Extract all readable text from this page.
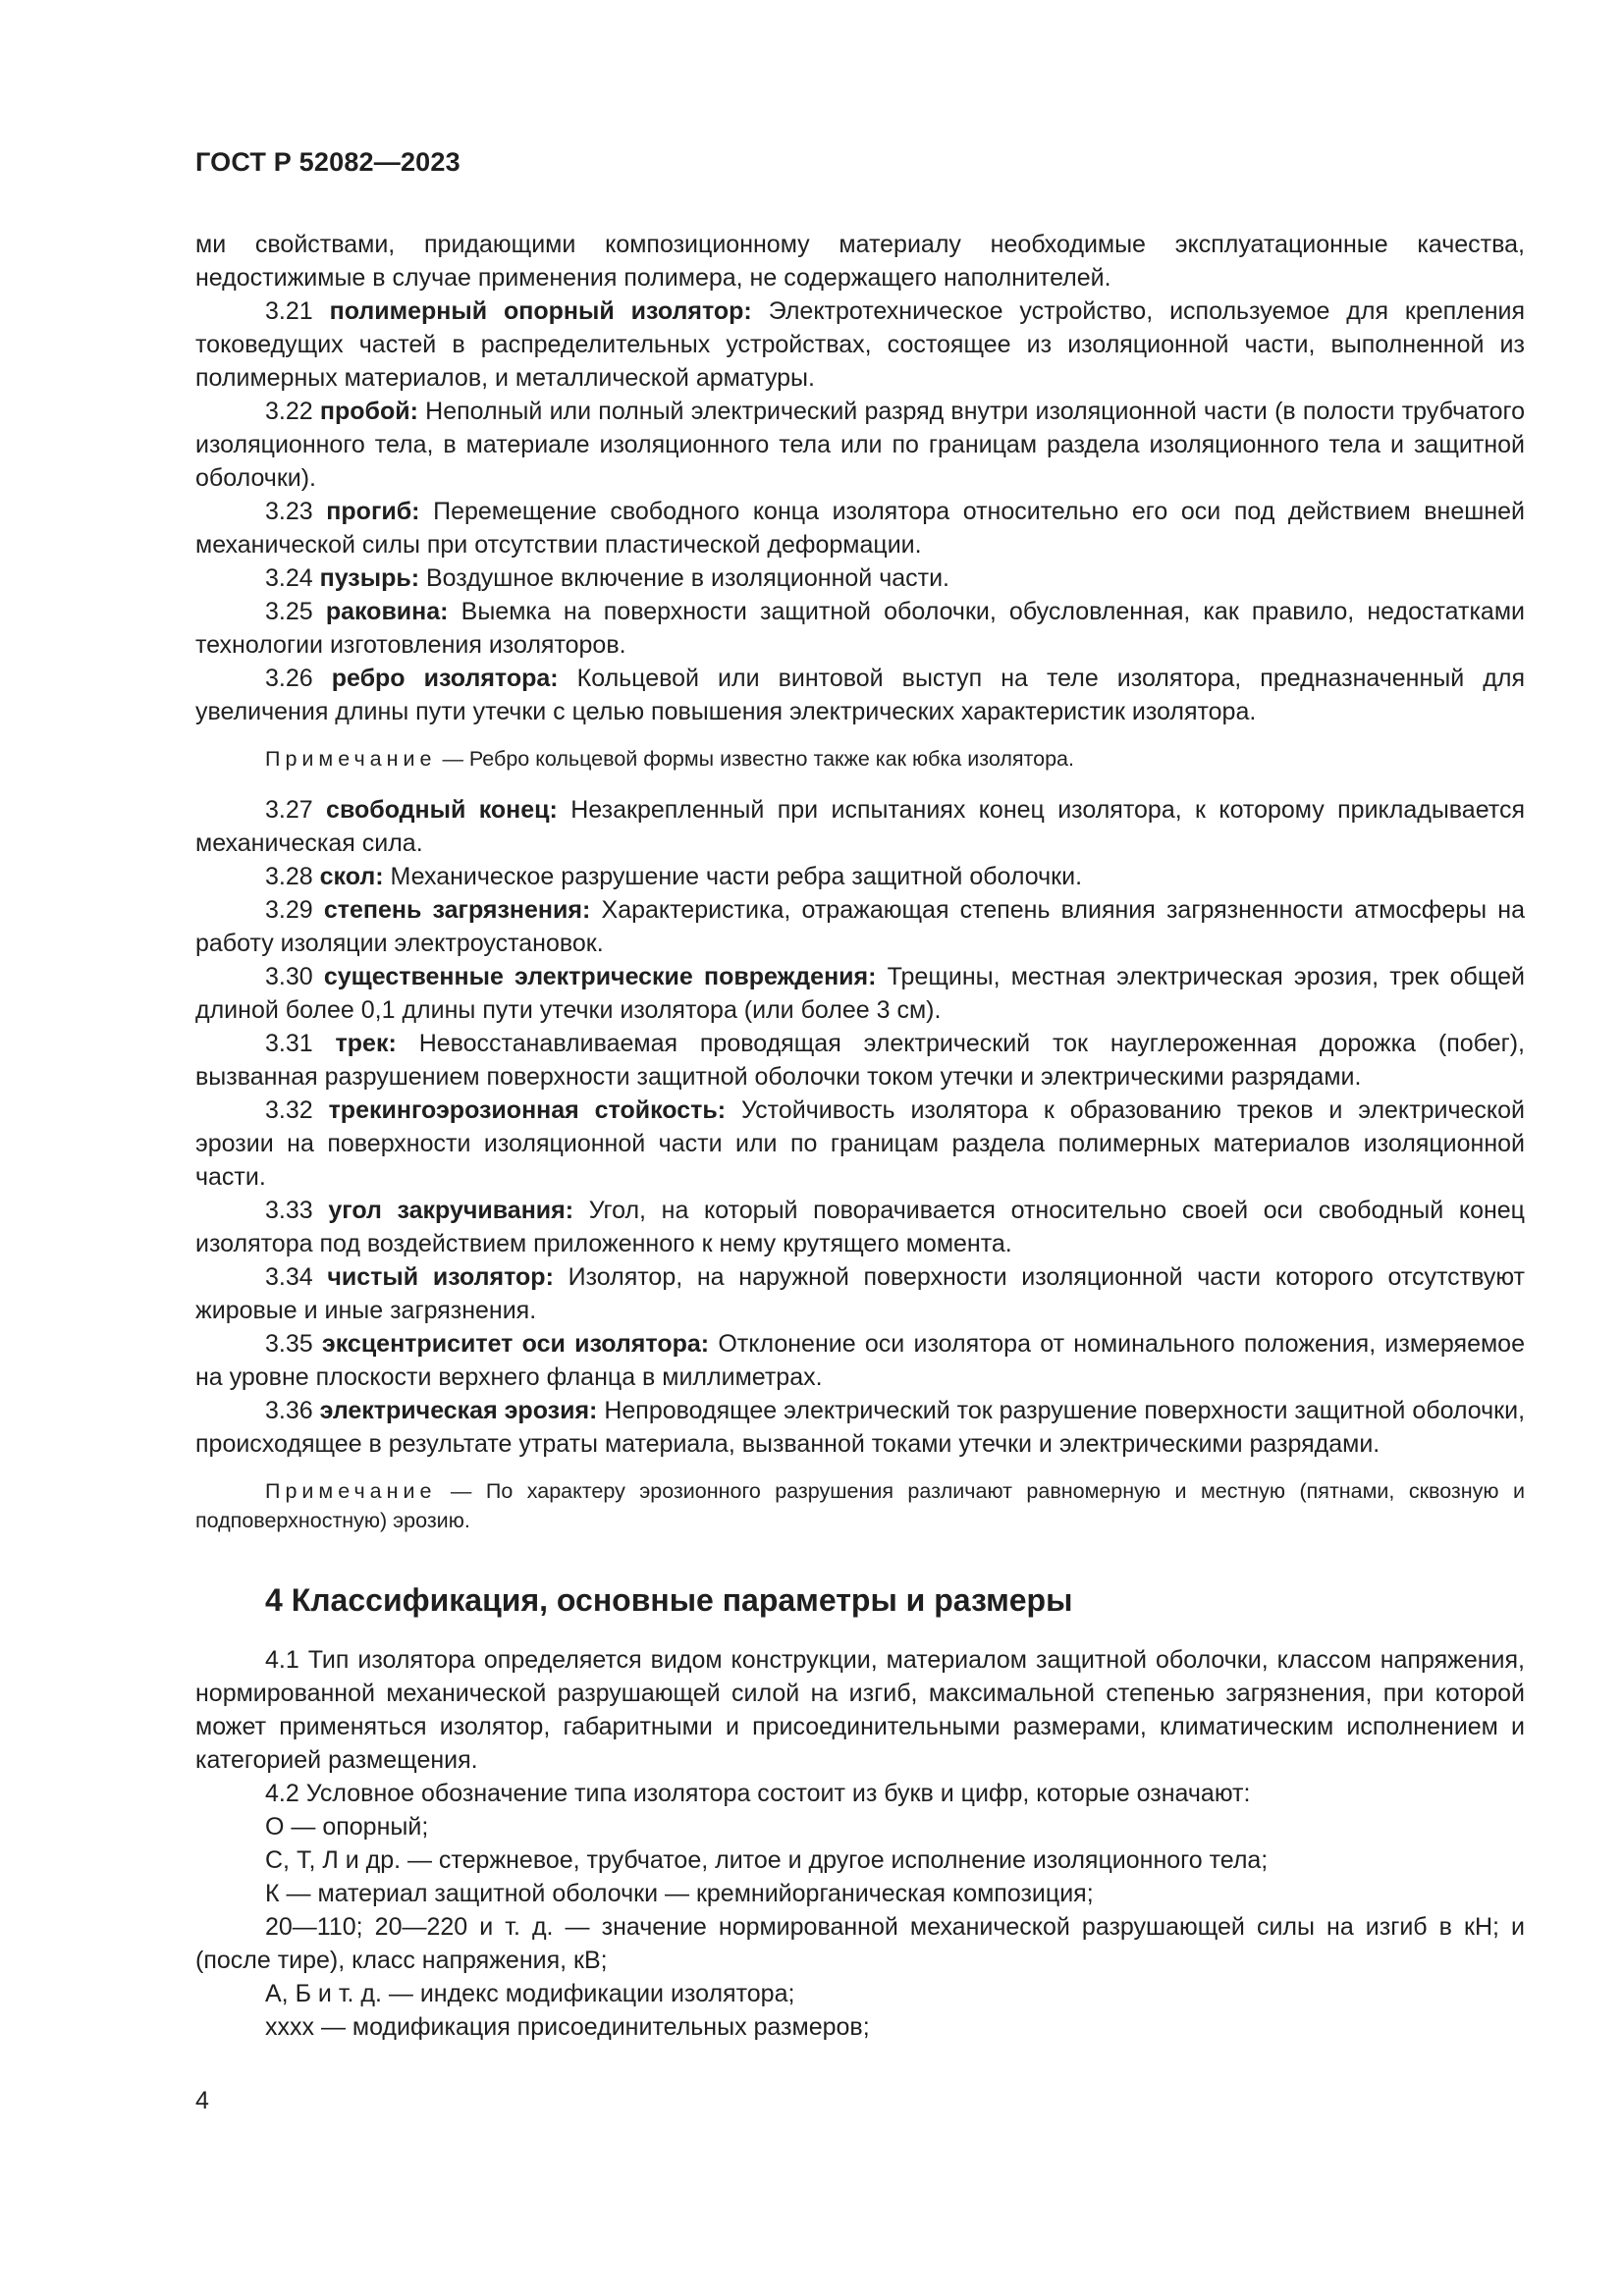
ГОСТ Р 52082—2023

ми свойствами, придающими композиционному материалу необходимые эксплуатационные качества, недостижимые в случае применения полимера, не содержащего наполнителей.

3.21 полимерный опорный изолятор: Электротехническое устройство, используемое для крепления токоведущих частей в распределительных устройствах, состоящее из изоляционной части, выполненной из полимерных материалов, и металлической арматуры.

3.22 пробой: Неполный или полный электрический разряд внутри изоляционной части (в полости трубчатого изоляционного тела, в материале изоляционного тела или по границам раздела изоляционного тела и защитной оболочки).

3.23 прогиб: Перемещение свободного конца изолятора относительно его оси под действием внешней механической силы при отсутствии пластической деформации.

3.24 пузырь: Воздушное включение в изоляционной части.

3.25 раковина: Выемка на поверхности защитной оболочки, обусловленная, как правило, недостатками технологии изготовления изоляторов.

3.26 ребро изолятора: Кольцевой или винтовой выступ на теле изолятора, предназначенный для увеличения длины пути утечки с целью повышения электрических характеристик изолятора.

Примечание — Ребро кольцевой формы известно также как юбка изолятора.

3.27 свободный конец: Незакрепленный при испытаниях конец изолятора, к которому прикладывается механическая сила.

3.28 скол: Механическое разрушение части ребра защитной оболочки.

3.29 степень загрязнения: Характеристика, отражающая степень влияния загрязненности атмосферы на работу изоляции электроустановок.

3.30 существенные электрические повреждения: Трещины, местная электрическая эрозия, трек общей длиной более 0,1 длины пути утечки изолятора (или более 3 см).

3.31 трек: Невосстанавливаемая проводящая электрический ток науглероженная дорожка (побег), вызванная разрушением поверхности защитной оболочки током утечки и электрическими разрядами.

3.32 трекингоэрозионная стойкость: Устойчивость изолятора к образованию треков и электрической эрозии на поверхности изоляционной части или по границам раздела полимерных материалов изоляционной части.

3.33 угол закручивания: Угол, на который поворачивается относительно своей оси свободный конец изолятора под воздействием приложенного к нему крутящего момента.

3.34 чистый изолятор: Изолятор, на наружной поверхности изоляционной части которого отсутствуют жировые и иные загрязнения.

3.35 эксцентриситет оси изолятора: Отклонение оси изолятора от номинального положения, измеряемое на уровне плоскости верхнего фланца в миллиметрах.

3.36 электрическая эрозия: Непроводящее электрический ток разрушение поверхности защитной оболочки, происходящее в результате утраты материала, вызванной токами утечки и электрическими разрядами.

Примечание — По характеру эрозионного разрушения различают равномерную и местную (пятнами, сквозную и подповерхностную) эрозию.

4 Классификация, основные параметры и размеры

4.1 Тип изолятора определяется видом конструкции, материалом защитной оболочки, классом напряжения, нормированной механической разрушающей силой на изгиб, максимальной степенью загрязнения, при которой может применяться изолятор, габаритными и присоединительными размерами, климатическим исполнением и категорией размещения.

4.2 Условное обозначение типа изолятора состоит из букв и цифр, которые означают:

О — опорный;

С, Т, Л и др. — стержневое, трубчатое, литое и другое исполнение изоляционного тела;

К — материал защитной оболочки — кремнийорганическая композиция;

20—110; 20—220 и т. д. — значение нормированной механической разрушающей силы на изгиб в кН; и (после тире), класс напряжения, кВ;

А, Б и т. д. — индекс модификации изолятора;

хххх — модификация присоединительных размеров;

4
